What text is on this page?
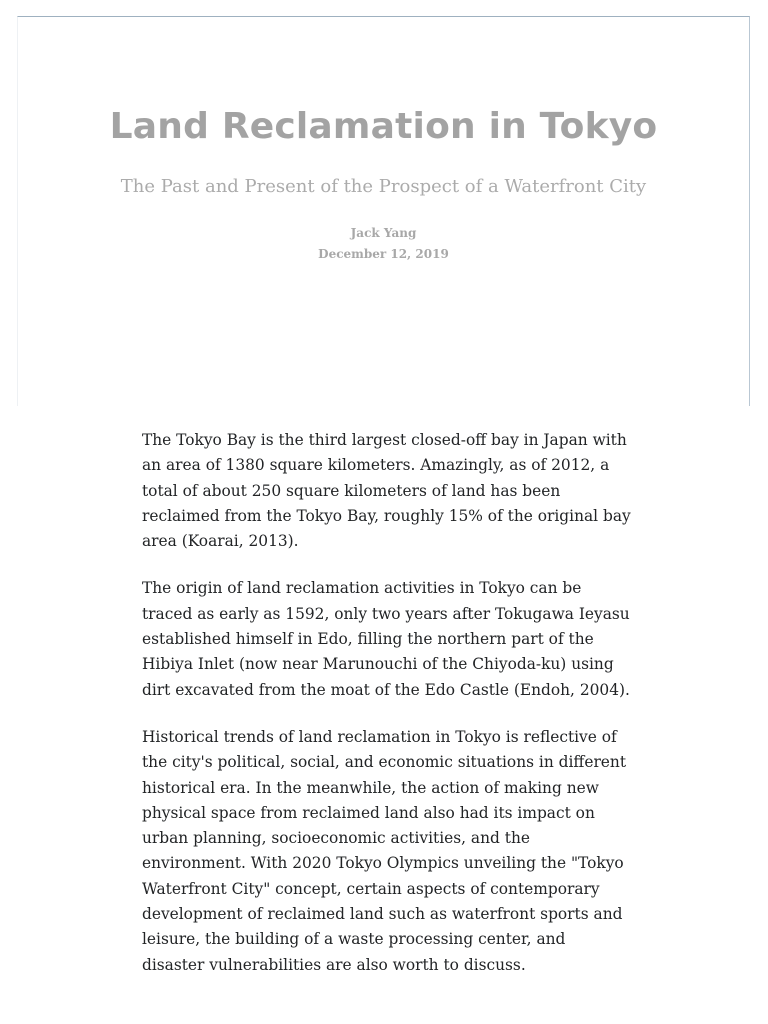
Land Reclamation in Tokyo

The Past and Present of the Prospect of a Waterfront City

Jack Yang

December 12, 2019

The Tokyo Bay is the third largest closed-off bay in Japan with an area of 1380 square kilometers. Amazingly, as of 2012, a total of about 250 square kilometers of land has been reclaimed from the Tokyo Bay, roughly 15% of the original bay area (Koarai, 2013).

The origin of land reclamation activities in Tokyo can be traced as early as 1592, only two years after Tokugawa Ieyasu established himself in Edo, filling the northern part of the Hibiya Inlet (now near Marunouchi of the Chiyoda-ku) using dirt excavated from the moat of the Edo Castle (Endoh, 2004).

Historical trends of land reclamation in Tokyo is reflective of the city's political, social, and economic situations in different historical era. In the meanwhile, the action of making new physical space from reclaimed land also had its impact on urban planning, socioeconomic activities, and the environment. With 2020 Tokyo Olympics unveiling the "Tokyo Waterfront City" concept, certain aspects of contemporary development of reclaimed land such as waterfront sports and leisure, the building of a waste processing center, and disaster vulnerabilities are also worth to discuss.
